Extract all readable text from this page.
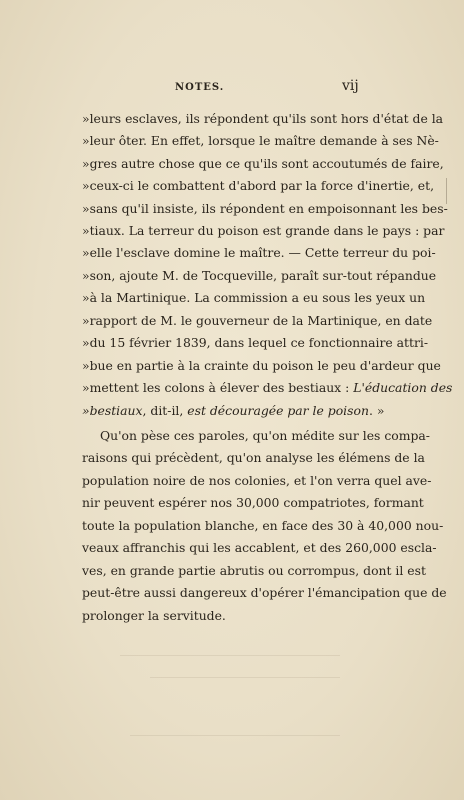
NOTES.	vij
»leurs esclaves, ils répondent qu'ils sont hors d'état de la
»leur ôter. En effet, lorsque le maître demande à ses Nè-
»gres autre chose que ce qu'ils sont accoutumés de faire,
»ceux-ci le combattent d'abord par la force d'inertie, et,
»sans qu'il insiste, ils répondent en empoisonnant les bes-
»tiaux. La terreur du poison est grande dans le pays : par
»elle l'esclave domine le maître. — Cette terreur du poi-
»son, ajoute M. de Tocqueville, paraît sur-tout répandue
»à la Martinique. La commission a eu sous les yeux un
»rapport de M. le gouverneur de la Martinique, en date
»du 15 février 1839, dans lequel ce fonctionnaire attri-
»bue en partie à la crainte du poison le peu d'ardeur que
»mettent les colons à élever des bestiaux : L'éducation des
»bestiaux, dit-il, est découragée par le poison. »
Qu'on pèse ces paroles, qu'on médite sur les compa-
raisons qui précèdent, qu'on analyse les élémens de la
population noire de nos colonies, et l'on verra quel ave-
nir peuvent espérer nos 30,000 compatriotes, formant
toute la population blanche, en face des 30 à 40,000 nou-
veaux affranchis qui les accablent, et des 260,000 escla-
ves, en grande partie abrutis ou corrompus, dont il est
peut-être aussi dangereux d'opérer l'émancipation que de
prolonger la servitude.
